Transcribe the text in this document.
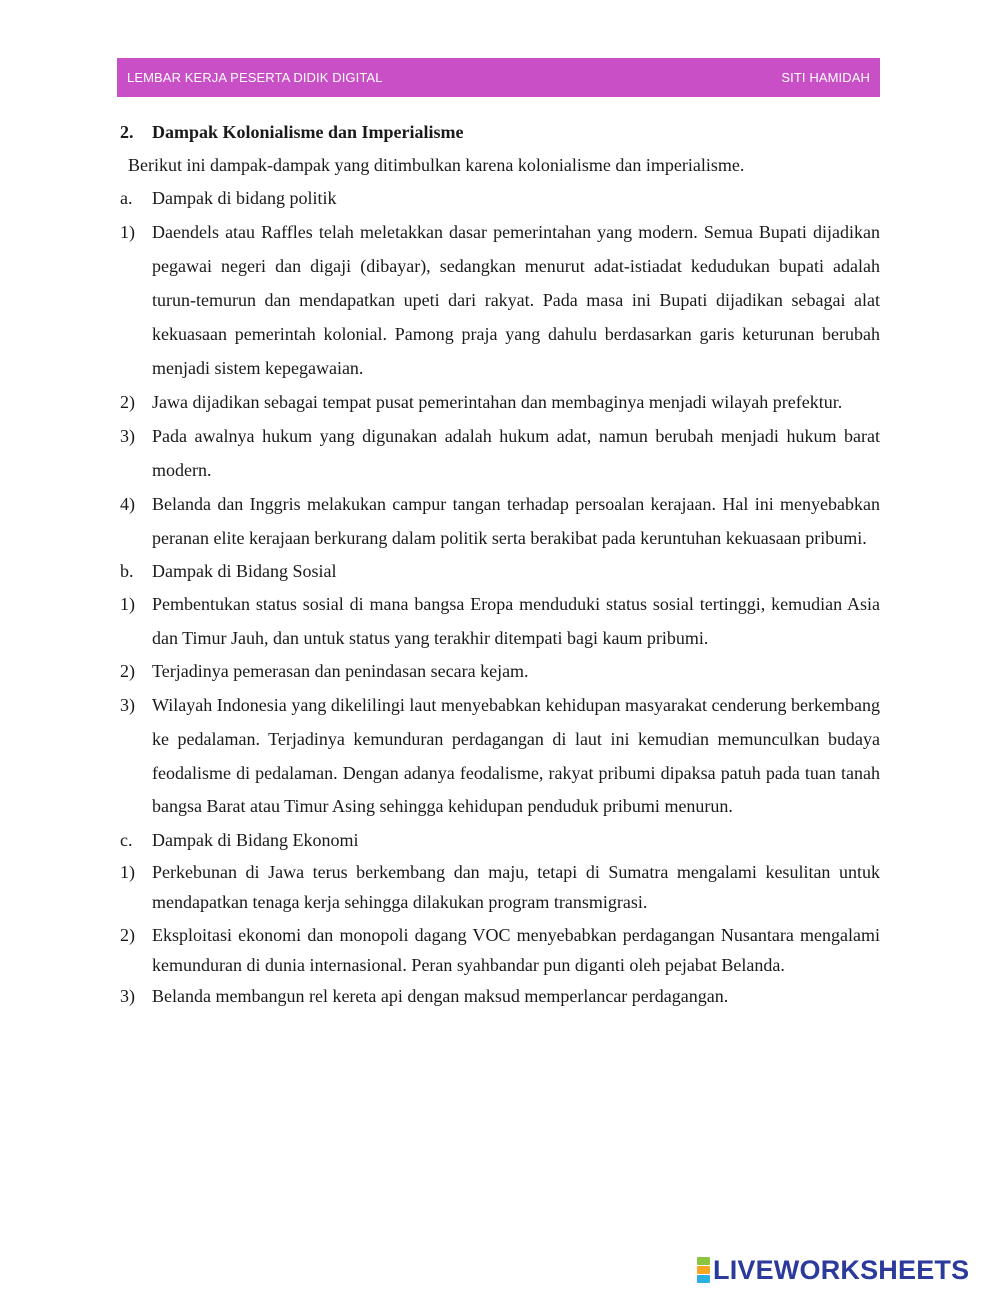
LEMBAR KERJA PESERTA DIDIK DIGITAL	SITI HAMIDAH
2.	Dampak Kolonialisme dan Imperialisme
Berikut ini dampak-dampak yang ditimbulkan karena kolonialisme dan imperialisme.
a.	Dampak di bidang politik
1) Daendels atau Raffles telah meletakkan dasar pemerintahan yang modern. Semua Bupati dijadikan pegawai negeri dan digaji (dibayar), sedangkan menurut adat-istiadat kedudukan bupati adalah turun-temurun dan mendapatkan upeti dari rakyat. Pada masa ini Bupati dijadikan sebagai alat kekuasaan pemerintah kolonial. Pamong praja yang dahulu berdasarkan garis keturunan berubah menjadi sistem kepegawaian.
2) Jawa dijadikan sebagai tempat pusat pemerintahan dan membaginya menjadi wilayah prefektur.
3) Pada awalnya hukum yang digunakan adalah hukum adat, namun berubah menjadi hukum barat modern.
4) Belanda dan Inggris melakukan campur tangan terhadap persoalan kerajaan. Hal ini menyebabkan peranan elite kerajaan berkurang dalam politik serta berakibat pada keruntuhan kekuasaan pribumi.
b.	Dampak di Bidang Sosial
1) Pembentukan status sosial di mana bangsa Eropa menduduki status sosial tertinggi, kemudian Asia dan Timur Jauh, dan untuk status yang terakhir ditempati bagi kaum pribumi.
2) Terjadinya pemerasan dan penindasan secara kejam.
3) Wilayah Indonesia yang dikelilingi laut menyebabkan kehidupan masyarakat cenderung berkembang ke pedalaman. Terjadinya kemunduran perdagangan di laut ini kemudian memunculkan budaya feodalisme di pedalaman. Dengan adanya feodalisme, rakyat pribumi dipaksa patuh pada tuan tanah bangsa Barat atau Timur Asing sehingga kehidupan penduduk pribumi menurun.
c.	Dampak di Bidang Ekonomi
1) Perkebunan di Jawa terus berkembang dan maju, tetapi di Sumatra mengalami kesulitan untuk mendapatkan tenaga kerja sehingga dilakukan program transmigrasi.
2) Eksploitasi ekonomi dan monopoli dagang VOC menyebabkan perdagangan Nusantara mengalami kemunduran di dunia internasional. Peran syahbandar pun diganti oleh pejabat Belanda.
3) Belanda membangun rel kereta api dengan maksud memperlancar perdagangan.
LIVEWORKSHEETS
